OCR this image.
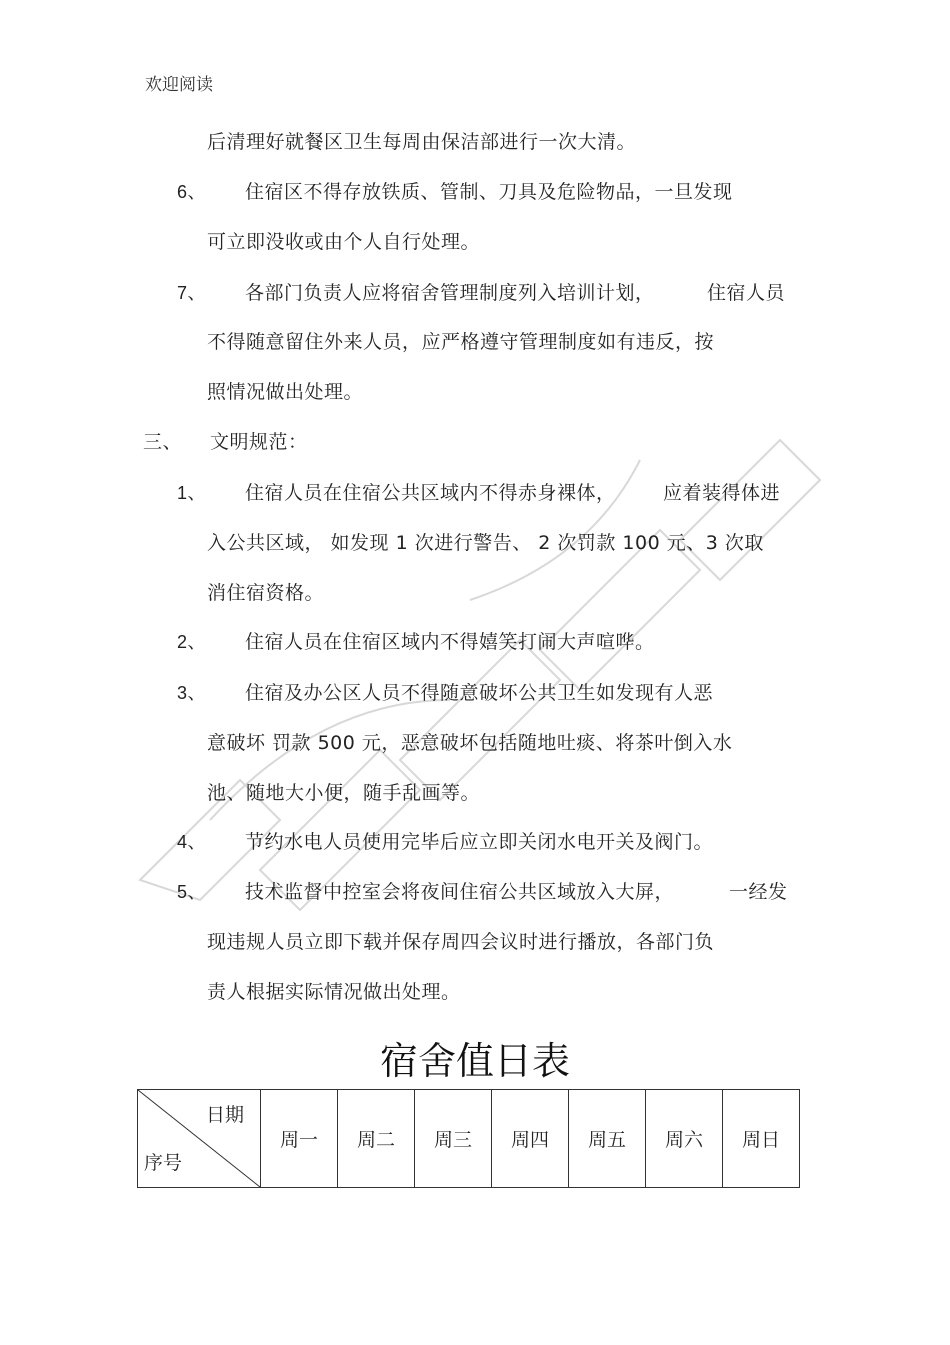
欢迎阅读
后清理好就餐区卫生每周由保洁部进行一次大清。
6、 住宿区不得存放铁质、管制、刀具及危险物品，一旦发现
可立即没收或由个人自行处理。
7、 各部门负责人应将宿舍管理制度列入培训计划，	住宿人员
不得随意留住外来人员，应严格遵守管理制度如有违反，按
照情况做出处理。
三、 文明规范：
1、 住宿人员在住宿公共区域内不得赤身裸体， 应着装得体进
入公共区域， 如发现 1 次进行警告、 2 次罚款 100 元、3 次取
消住宿资格。
2、 住宿人员在住宿区域内不得嬉笑打闹大声喧哗。
3、 住宿及办公区人员不得随意破坏公共卫生如发现有人恶
意破坏 罚款 500 元，恶意破坏包括随地吐痰、将茶叶倒入水
池、随地大小便，随手乱画等。
4、 节约水电人员使用完毕后应立即关闭水电开关及阀门。
5、 技术监督中控室会将夜间住宿公共区域放入大屏，	一经发
现违规人员立即下载并保存周四会议时进行播放，各部门负
责人根据实际情况做出处理。
宿舍值日表
日期
序号
	周一	周二	周三	周四	周五	周六	周日
